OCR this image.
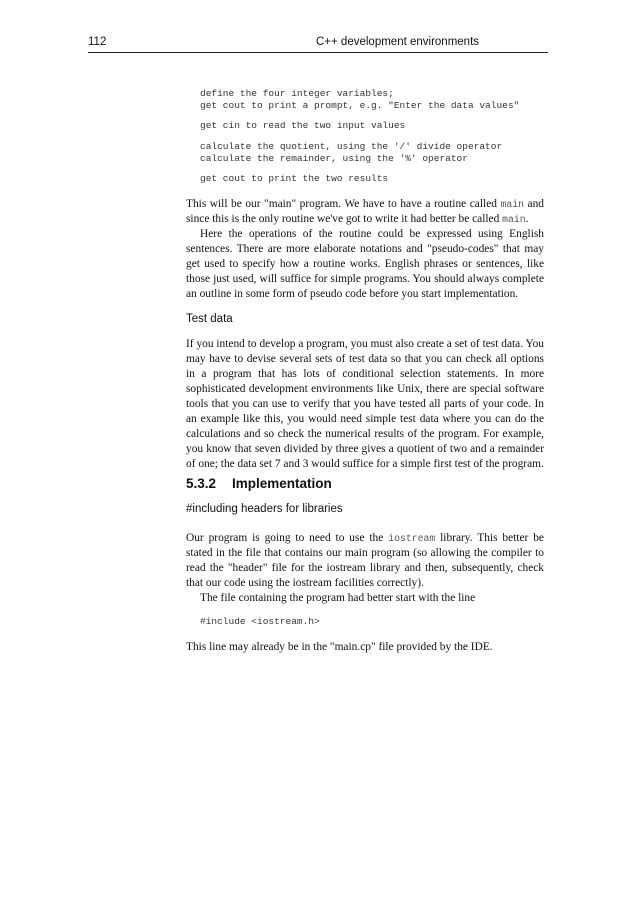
112	C++ development environments
define the four integer variables;
get cout to print a prompt, e.g. "Enter the data values"
get cin to read the two input values
calculate the quotient, using the '/' divide operator
calculate the remainder, using the '%' operator
get cout to print the two results
This will be our "main" program. We have to have a routine called main and since this is the only routine we've got to write it had better be called main.
Here the operations of the routine could be expressed using English sentences. There are more elaborate notations and "pseudo-codes" that may get used to specify how a routine works. English phrases or sentences, like those just used, will suffice for simple programs. You should always complete an outline in some form of pseudo code before you start implementation.
Test data
If you intend to develop a program, you must also create a set of test data. You may have to devise several sets of test data so that you can check all options in a program that has lots of conditional selection statements. In more sophisticated development environments like Unix, there are special software tools that you can use to verify that you have tested all parts of your code. In an example like this, you would need simple test data where you can do the calculations and so check the numerical results of the program. For example, you know that seven divided by three gives a quotient of two and a remainder of one; the data set 7 and 3 would suffice for a simple first test of the program.
5.3.2 Implementation
#including headers for libraries
Our program is going to need to use the iostream library. This better be stated in the file that contains our main program (so allowing the compiler to read the "header" file for the iostream library and then, subsequently, check that our code using the iostream facilities correctly).
The file containing the program had better start with the line
#include <iostream.h>
This line may already be in the "main.cp" file provided by the IDE.
